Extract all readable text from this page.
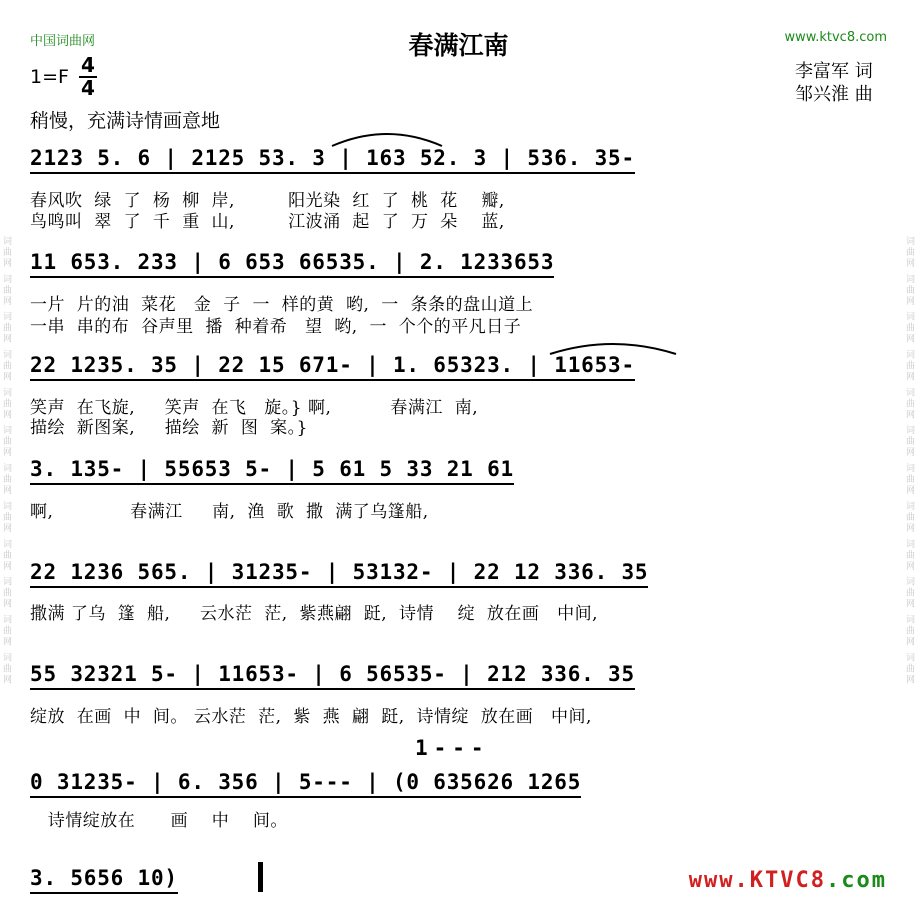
词曲网 词曲网 词曲网 词曲网 词曲网 词曲网 词曲网 词曲网 词曲网 词曲网 词曲网 词曲网	词曲网 词曲网 词曲网 词曲网 词曲网 词曲网 词曲网 词曲网 词曲网 词曲网 词曲网 词曲网
中国词曲网	www.ktvc8.com
春满江南
1=F 4
4
李富军 词
邹兴淮 曲
稍慢，充满诗情画意地
2123 5. 6 | 2125 53. 3 | 163 52. 3 | 536. 35-
春风吹  绿  了  杨  柳  岸,         阳光染  红  了  桃  花    瓣,
鸟鸣叫  翠  了  千  重  山,         江波涌  起  了  万  朵    蓝,
11 653. 233 | 6 653 66535. | 2. 1233653
一片  片的油  菜花   金  子  一  样的黄  哟,  一  条条的盘山道上
一串  串的布  谷声里  播  种着希   望  哟,  一  个个的平凡日子
22 1235. 35 | 22 15 671- | 1. 65323. | 11653-
笑声  在飞旋,     笑声  在飞   旋。} 啊,          春满江  南,
描绘  新图案,     描绘  新  图  案。}
3. 135- | 55653 5- | 5 61 5 33 21 61
啊,             春满江     南,  渔  歌  撒  满了乌篷船,
22 1236 565. | 31235- | 53132- | 22 12 336. 35
撒满 了乌  篷  船,     云水茫  茫,  紫燕翩  跹,  诗情    绽  放在画   中间,
55 32321 5- | 11653- | 6 56535- | 212 336. 35
绽放  在画  中  间。 云水茫  茫,  紫  燕  翩  跹,  诗情绽  放在画   中间,
1---
0 31235- | 6. 356 | 5--- | (0 635626 1265
诗情绽放在      画    中    间。
3. 5656 10)	www.KTVC8.com
